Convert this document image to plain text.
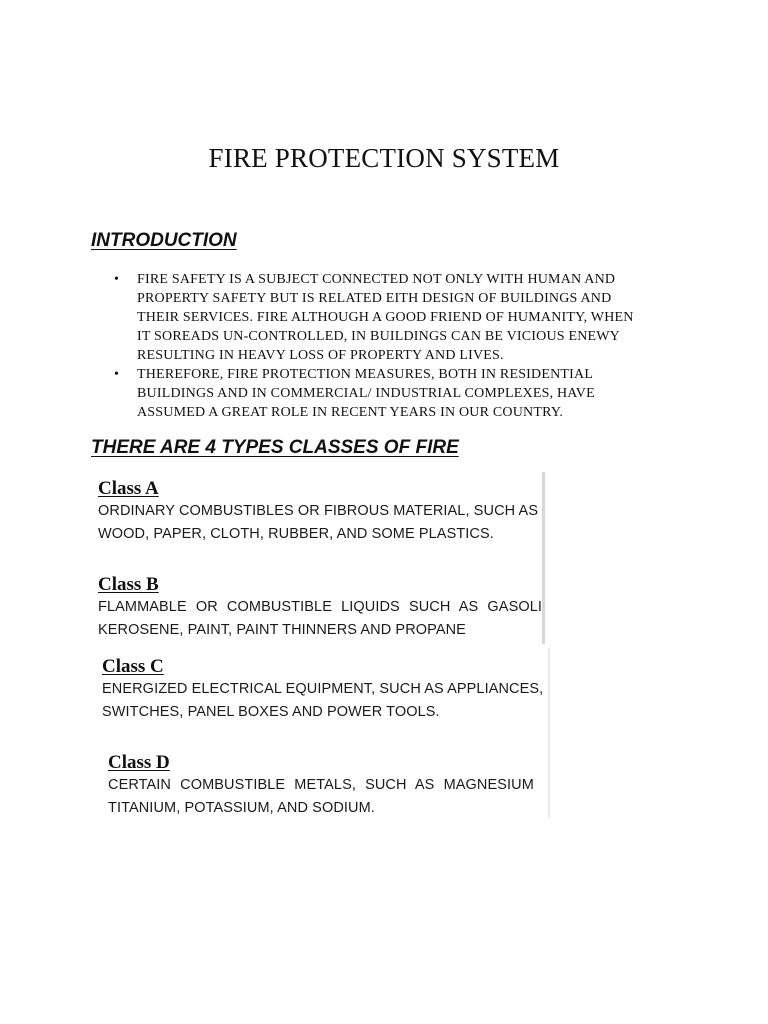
FIRE PROTECTION SYSTEM
INTRODUCTION
• FIRE SAFETY IS A SUBJECT CONNECTED NOT ONLY WITH HUMAN AND
PROPERTY SAFETY BUT IS RELATED EITH DESIGN OF BUILDINGS AND
THEIR SERVICES. FIRE ALTHOUGH A GOOD FRIEND OF HUMANITY, WHEN
IT SOREADS UN-CONTROLLED, IN BUILDINGS CAN BE VICIOUS ENEWY
RESULTING IN HEAVY LOSS OF PROPERTY AND LIVES.
• THEREFORE, FIRE PROTECTION MEASURES, BOTH IN RESIDENTIAL
BUILDINGS AND IN COMMERCIAL/ INDUSTRIAL COMPLEXES, HAVE
ASSUMED A GREAT ROLE IN RECENT YEARS IN OUR COUNTRY.
THERE ARE 4 TYPES CLASSES OF FIRE
Class A
ORDINARY COMBUSTIBLES OR FIBROUS MATERIAL, SUCH AS
WOOD, PAPER, CLOTH, RUBBER, AND SOME PLASTICS.
Class B
FLAMMABLE OR COMBUSTIBLE LIQUIDS SUCH AS GASOLI
KEROSENE, PAINT, PAINT THINNERS AND PROPANE
Class C
ENERGIZED ELECTRICAL EQUIPMENT, SUCH AS APPLIANCES,
SWITCHES, PANEL BOXES AND POWER TOOLS.
Class D
CERTAIN COMBUSTIBLE METALS, SUCH AS MAGNESIUM
TITANIUM, POTASSIUM, AND SODIUM.
